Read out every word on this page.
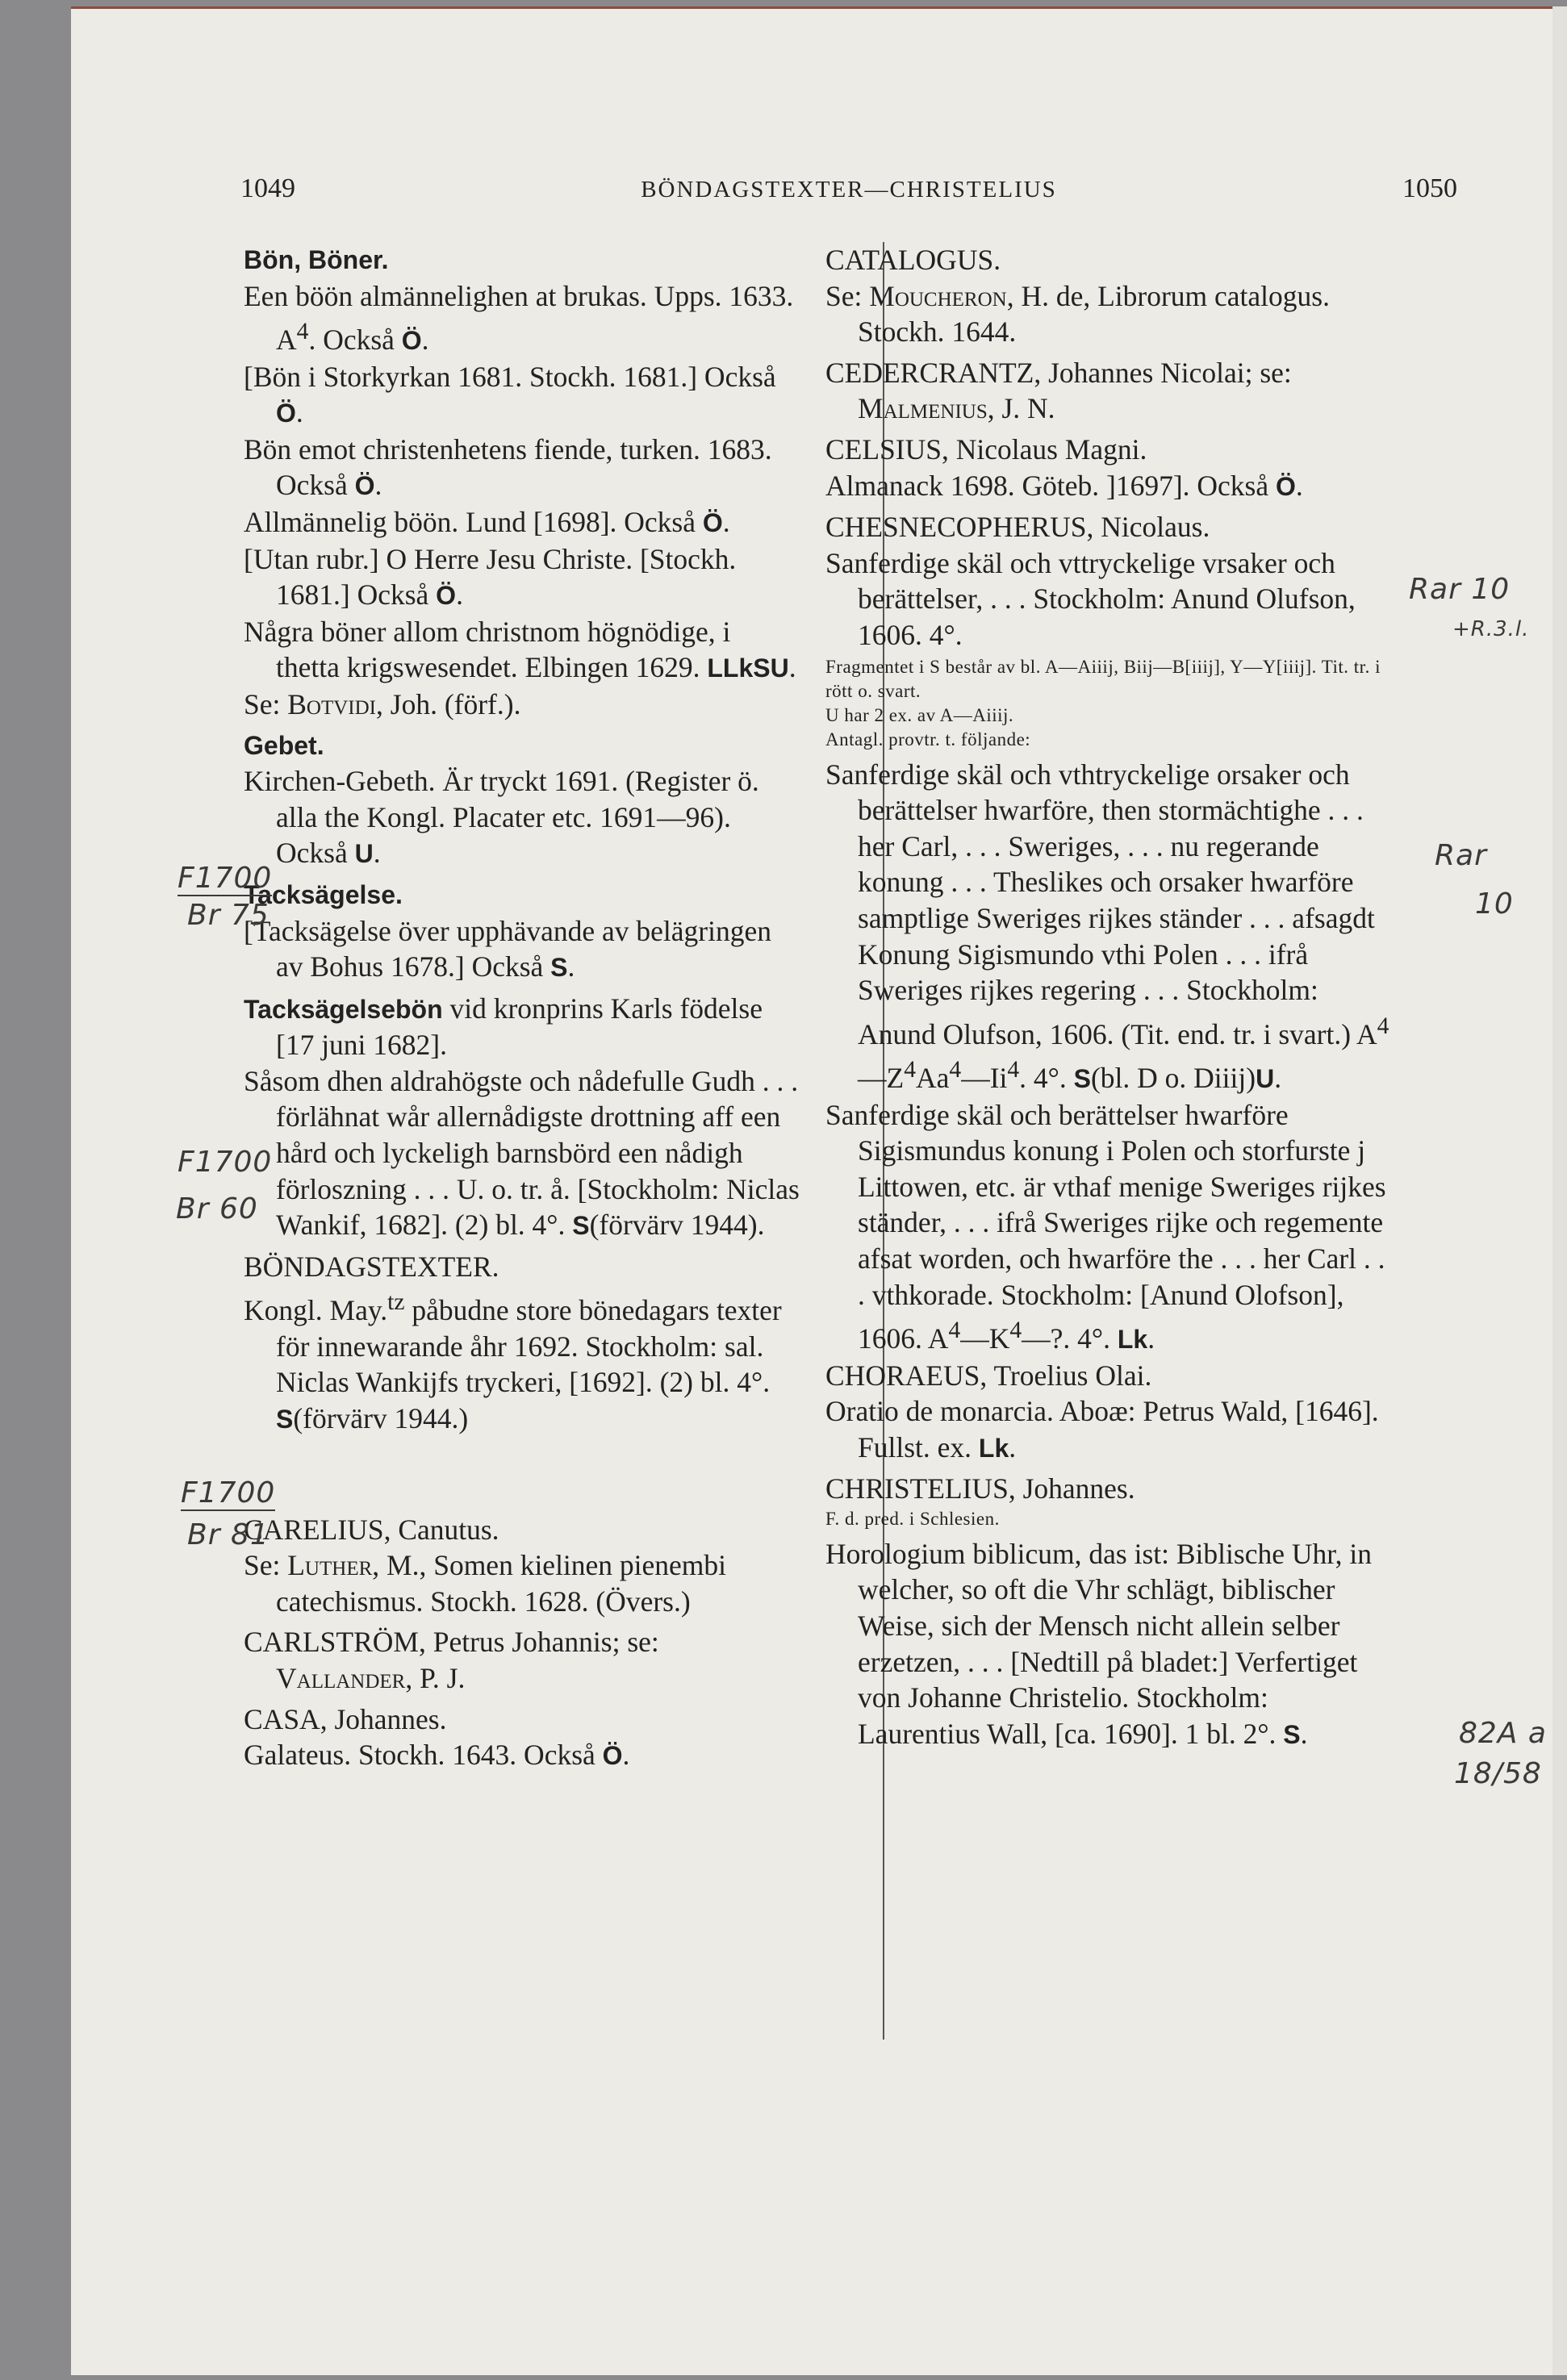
1049	BÖNDAGSTEXTER—CHRISTELIUS	1050

Bön, Böner.

Een böön almännelighen at brukas. Upps. 1633. $A^4$. Också Ö.

[Bön i Storkyrkan 1681. Stockh. 1681.] Också Ö.

Bön emot christenhetens fiende, turken. 1683. Också Ö.

Allmännelig böön. Lund [1698]. Också Ö.

[Utan rubr.] O Herre Jesu Christe. [Stockh. 1681.] Också Ö.

Några böner allom christnom högnödige, i thetta krigswesendet. Elbingen 1629. LLkSU.

Se: Botvidi, Joh. (förf.).

Gebet.

Kirchen-Gebeth. Är tryckt 1691. (Register ö. alla the Kongl. Placater etc. 1691—96). Också U.

Tacksägelse.

[Tacksägelse över upphävande av belägringen av Bohus 1678.] Också S.

Tacksägelsebön vid kronprins Karls födelse [17 juni 1682].

Såsom dhen aldrahögste och nådefulle Gudh . . . förlähnat wår allernådigste drottning aff een hård och lyckeligh barnsbörd een nådigh förloszning . . . U. o. tr. å. [Stockholm: Niclas Wankif, 1682]. (2) bl. 4°. S(förvärv 1944).

BÖNDAGSTEXTER.

Kongl. May.$^{tz}$ påbudne store bönedagars texter för innewarande åhr 1692. Stockholm: sal. Niclas Wankijfs tryckeri, [1692]. (2) bl. 4°. S(förvärv 1944.)

CARELIUS, Canutus.

Se: Luther, M., Somen kielinen pienembi catechismus. Stockh. 1628. (Övers.)

CARLSTRÖM, Petrus Johannis; se: Vallander, P. J.

CASA, Johannes.

Galateus. Stockh. 1643. Också Ö.

CATALOGUS.

Se: Moucheron, H. de, Librorum catalogus. Stockh. 1644.

CEDERCRANTZ, Johannes Nicolai; se: Malmenius, J. N.

CELSIUS, Nicolaus Magni.

Almanack 1698. Göteb. ]1697]. Också Ö.

CHESNECOPHERUS, Nicolaus.

Sanferdige skäl och vttryckelige vrsaker och berättelser, . . . Stockholm: Anund Olufson, 1606. 4°.

Fragmentet i S består av bl. A—Aiiij, Biij—B[iiij], Y—Y[iiij]. Tit. tr. i rött o. svart.

U har 2 ex. av A—Aiiij.

Antagl. provtr. t. följande:

Sanferdige skäl och vthtryckelige orsaker och berättelser hwarföre, then stormächtighe . . . her Carl, . . . Sweriges, . . . nu regerande konung . . . Theslikes och orsaker hwarföre samptlige Sweriges rijkes ständer . . . afsagdt Konung Sigismundo vthi Polen . . . ifrå Sweriges rijkes regering . . . Stockholm: Anund Olufson, 1606. (Tit. end. tr. i svart.) $A^4—Z^4Aa^4—Ii^4$. 4°. S(bl. D o. Diiij)U.

Sanferdige skäl och berättelser hwarföre Sigismundus konung i Polen och storfurste j Littowen, etc. är vthaf menige Sweriges rijkes ständer, . . . ifrå Sweriges rijke och regemente afsat worden, och hwarföre the . . . her Carl . . . vthkorade. Stockholm: [Anund Olofson], 1606. $A^4—K^4—$?. 4°. Lk.

CHORAEUS, Troelius Olai.

Oratio de monarcia. Aboæ: Petrus Wald, [1646]. Fullst. ex. Lk.

CHRISTELIUS, Johannes.

F. d. pred. i Schlesien.

Horologium biblicum, das ist: Biblische Uhr, in welcher, so oft die Vhr schlägt, biblischer Weise, sich der Mensch nicht allein selber erzetzen, . . . [Nedtill på bladet:] Verfertiget von Johanne Christelio. Stockholm: Laurentius Wall, [ca. 1690]. 1 bl. 2°. S.

F1700
Br 75
F1700
Br 60
F1700
Br 81
Rar 10
+R.3.l.
Rar
10
82A a
18/58
